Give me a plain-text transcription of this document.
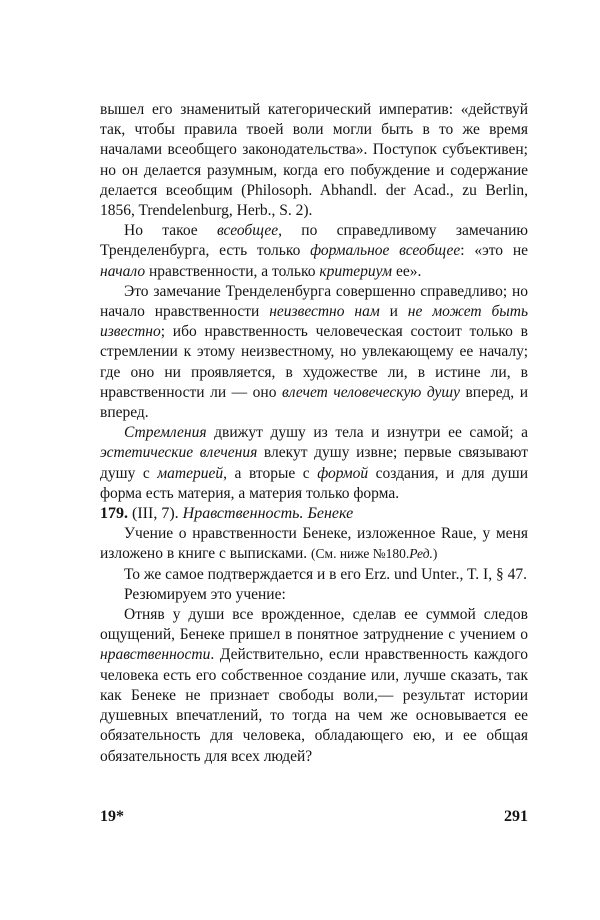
вышел его знаменитый категорический императив: «действуй так, чтобы правила твоей воли могли быть в то же время началами всеобщего законодательства». Поступок субъективен; но он делается разумным, когда его побуждение и содержание делается всеобщим (Philosoph. Abhandl. der Acad., zu Berlin, 1856, Trendelenburg, Herb., S. 2).

Но такое всеобщее, по справедливому замечанию Тренделенбурга, есть только формальное всеобщее: «это не начало нравственности, а только критериум ее».

Это замечание Тренделенбурга совершенно справедливо; но начало нравственности неизвестно нам и не может быть известно; ибо нравственность человеческая состоит только в стремлении к этому неизвестному, но увлекающему ее началу; где оно ни проявляется, в художестве ли, в истине ли, в нравственности ли — оно влечет человеческую душу вперед, и вперед.

Стремления движут душу из тела и изнутри ее самой; а эстетические влечения влекут душу извне; первые связывают душу с материей, а вторые с формой создания, и для души форма есть материя, а материя только форма.

179. (III, 7). Нравственность. Бенеке

Учение о нравственности Бенеке, изложенное Raue, у меня изложено в книге с выписками. (См. ниже №180.Ред.)

То же самое подтверждается и в его Erz. und Unter., T. I, § 47.

Резюмируем это учение:

Отняв у души все врожденное, сделав ее суммой следов ощущений, Бенеке пришел в понятное затруднение с учением о нравственности. Действительно, если нравственность каждого человека есть его собственное создание или, лучше сказать, так как Бенеке не признает свободы воли,— результат истории душевных впечатлений, то тогда на чем же основывается ее обязательность для человека, обладающего ею, и ее общая обязательность для всех людей?

19*	291
